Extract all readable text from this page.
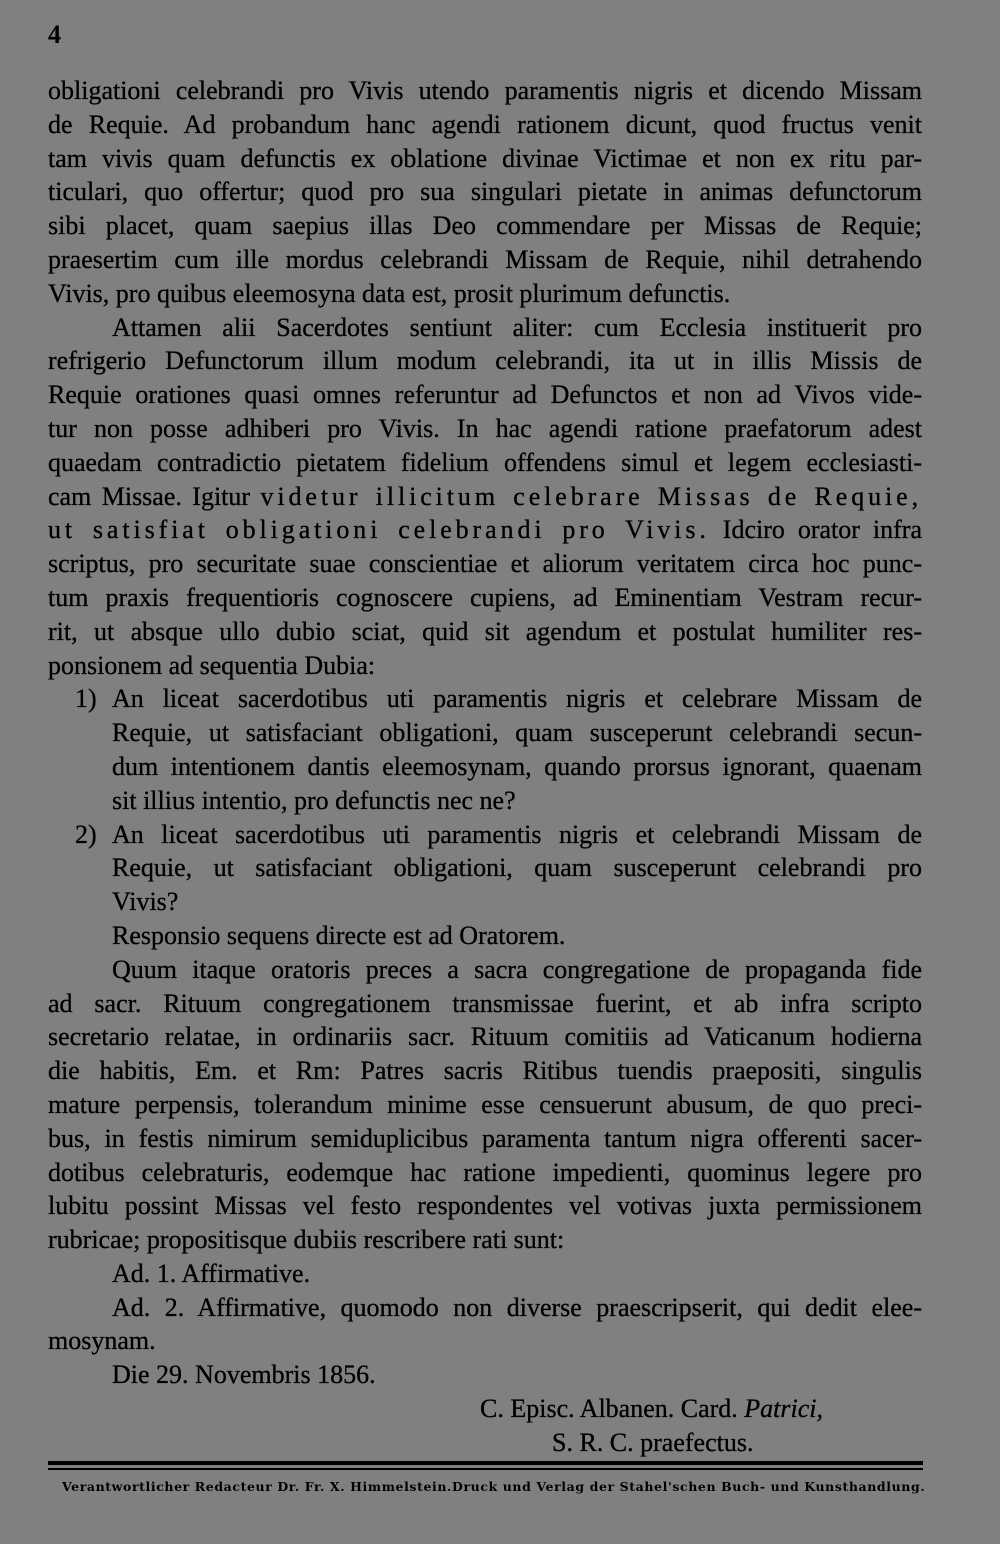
4
obligationi celebrandi pro Vivis utendo paramentis nigris et dicendo Missam
de Requie. Ad probandum hanc agendi rationem dicunt, quod fructus venit
tam vivis quam defunctis ex oblatione divinae Victimae et non ex ritu par-
ticulari, quo offertur; quod pro sua singulari pietate in animas defunctorum
sibi placet, quam saepius illas Deo commendare per Missas de Requie;
praesertim cum ille mordus celebrandi Missam de Requie, nihil detrahendo
Vivis, pro quibus eleemosyna data est, prosit plurimum defunctis.
Attamen alii Sacerdotes sentiunt aliter: cum Ecclesia instituerit pro
refrigerio Defunctorum illum modum celebrandi, ita ut in illis Missis de
Requie orationes quasi omnes referuntur ad Defunctos et non ad Vivos vide-
tur non posse adhiberi pro Vivis. In hac agendi ratione praefatorum adest
quaedam contradictio pietatem fidelium offendens simul et legem ecclesiasti-
cam Missae. Igitur videtur illicitum celebrare Missas de Requie,
ut satisfiat obligationi celebrandi pro Vivis. Idciro orator infra
scriptus, pro securitate suae conscientiae et aliorum veritatem circa hoc punc-
tum praxis frequentioris cognoscere cupiens, ad Eminentiam Vestram recur-
rit, ut absque ullo dubio sciat, quid sit agendum et postulat humiliter res-
ponsionem ad sequentia Dubia:
1) An liceat sacerdotibus uti paramentis nigris et celebrare Missam de
Requie, ut satisfaciant obligationi, quam susceperunt celebrandi secun-
dum intentionem dantis eleemosynam, quando prorsus ignorant, quaenam
sit illius intentio, pro defunctis nec ne?
2) An liceat sacerdotibus uti paramentis nigris et celebrandi Missam de
Requie, ut satisfaciant obligationi, quam susceperunt celebrandi pro
Vivis?
Responsio sequens directe est ad Oratorem.
Quum itaque oratoris preces a sacra congregatione de propaganda fide
ad sacr. Rituum congregationem transmissae fuerint, et ab infra scripto
secretario relatae, in ordinariis sacr. Rituum comitiis ad Vaticanum hodierna
die habitis, Em. et Rm: Patres sacris Ritibus tuendis praepositi, singulis
mature perpensis, tolerandum minime esse censuerunt abusum, de quo preci-
bus, in festis nimirum semiduplicibus paramenta tantum nigra offerenti sacer-
dotibus celebraturis, eodemque hac ratione impedienti, quominus legere pro
lubitu possint Missas vel festo respondentes vel votivas juxta permissionem
rubricae; propositisque dubiis rescribere rati sunt:
Ad. 1. Affirmative.
Ad. 2. Affirmative, quomodo non diverse praescripserit, qui dedit elee-
mosynam.
Die 29. Novembris 1856.
C. Episc. Albanen. Card. Patrici,
S. R. C. praefectus.
Verantwortlicher Redacteur Dr. Fr. X. Himmelstein. Druck und Verlag der Stahel'schen Buch- und Kunsthandlung.
